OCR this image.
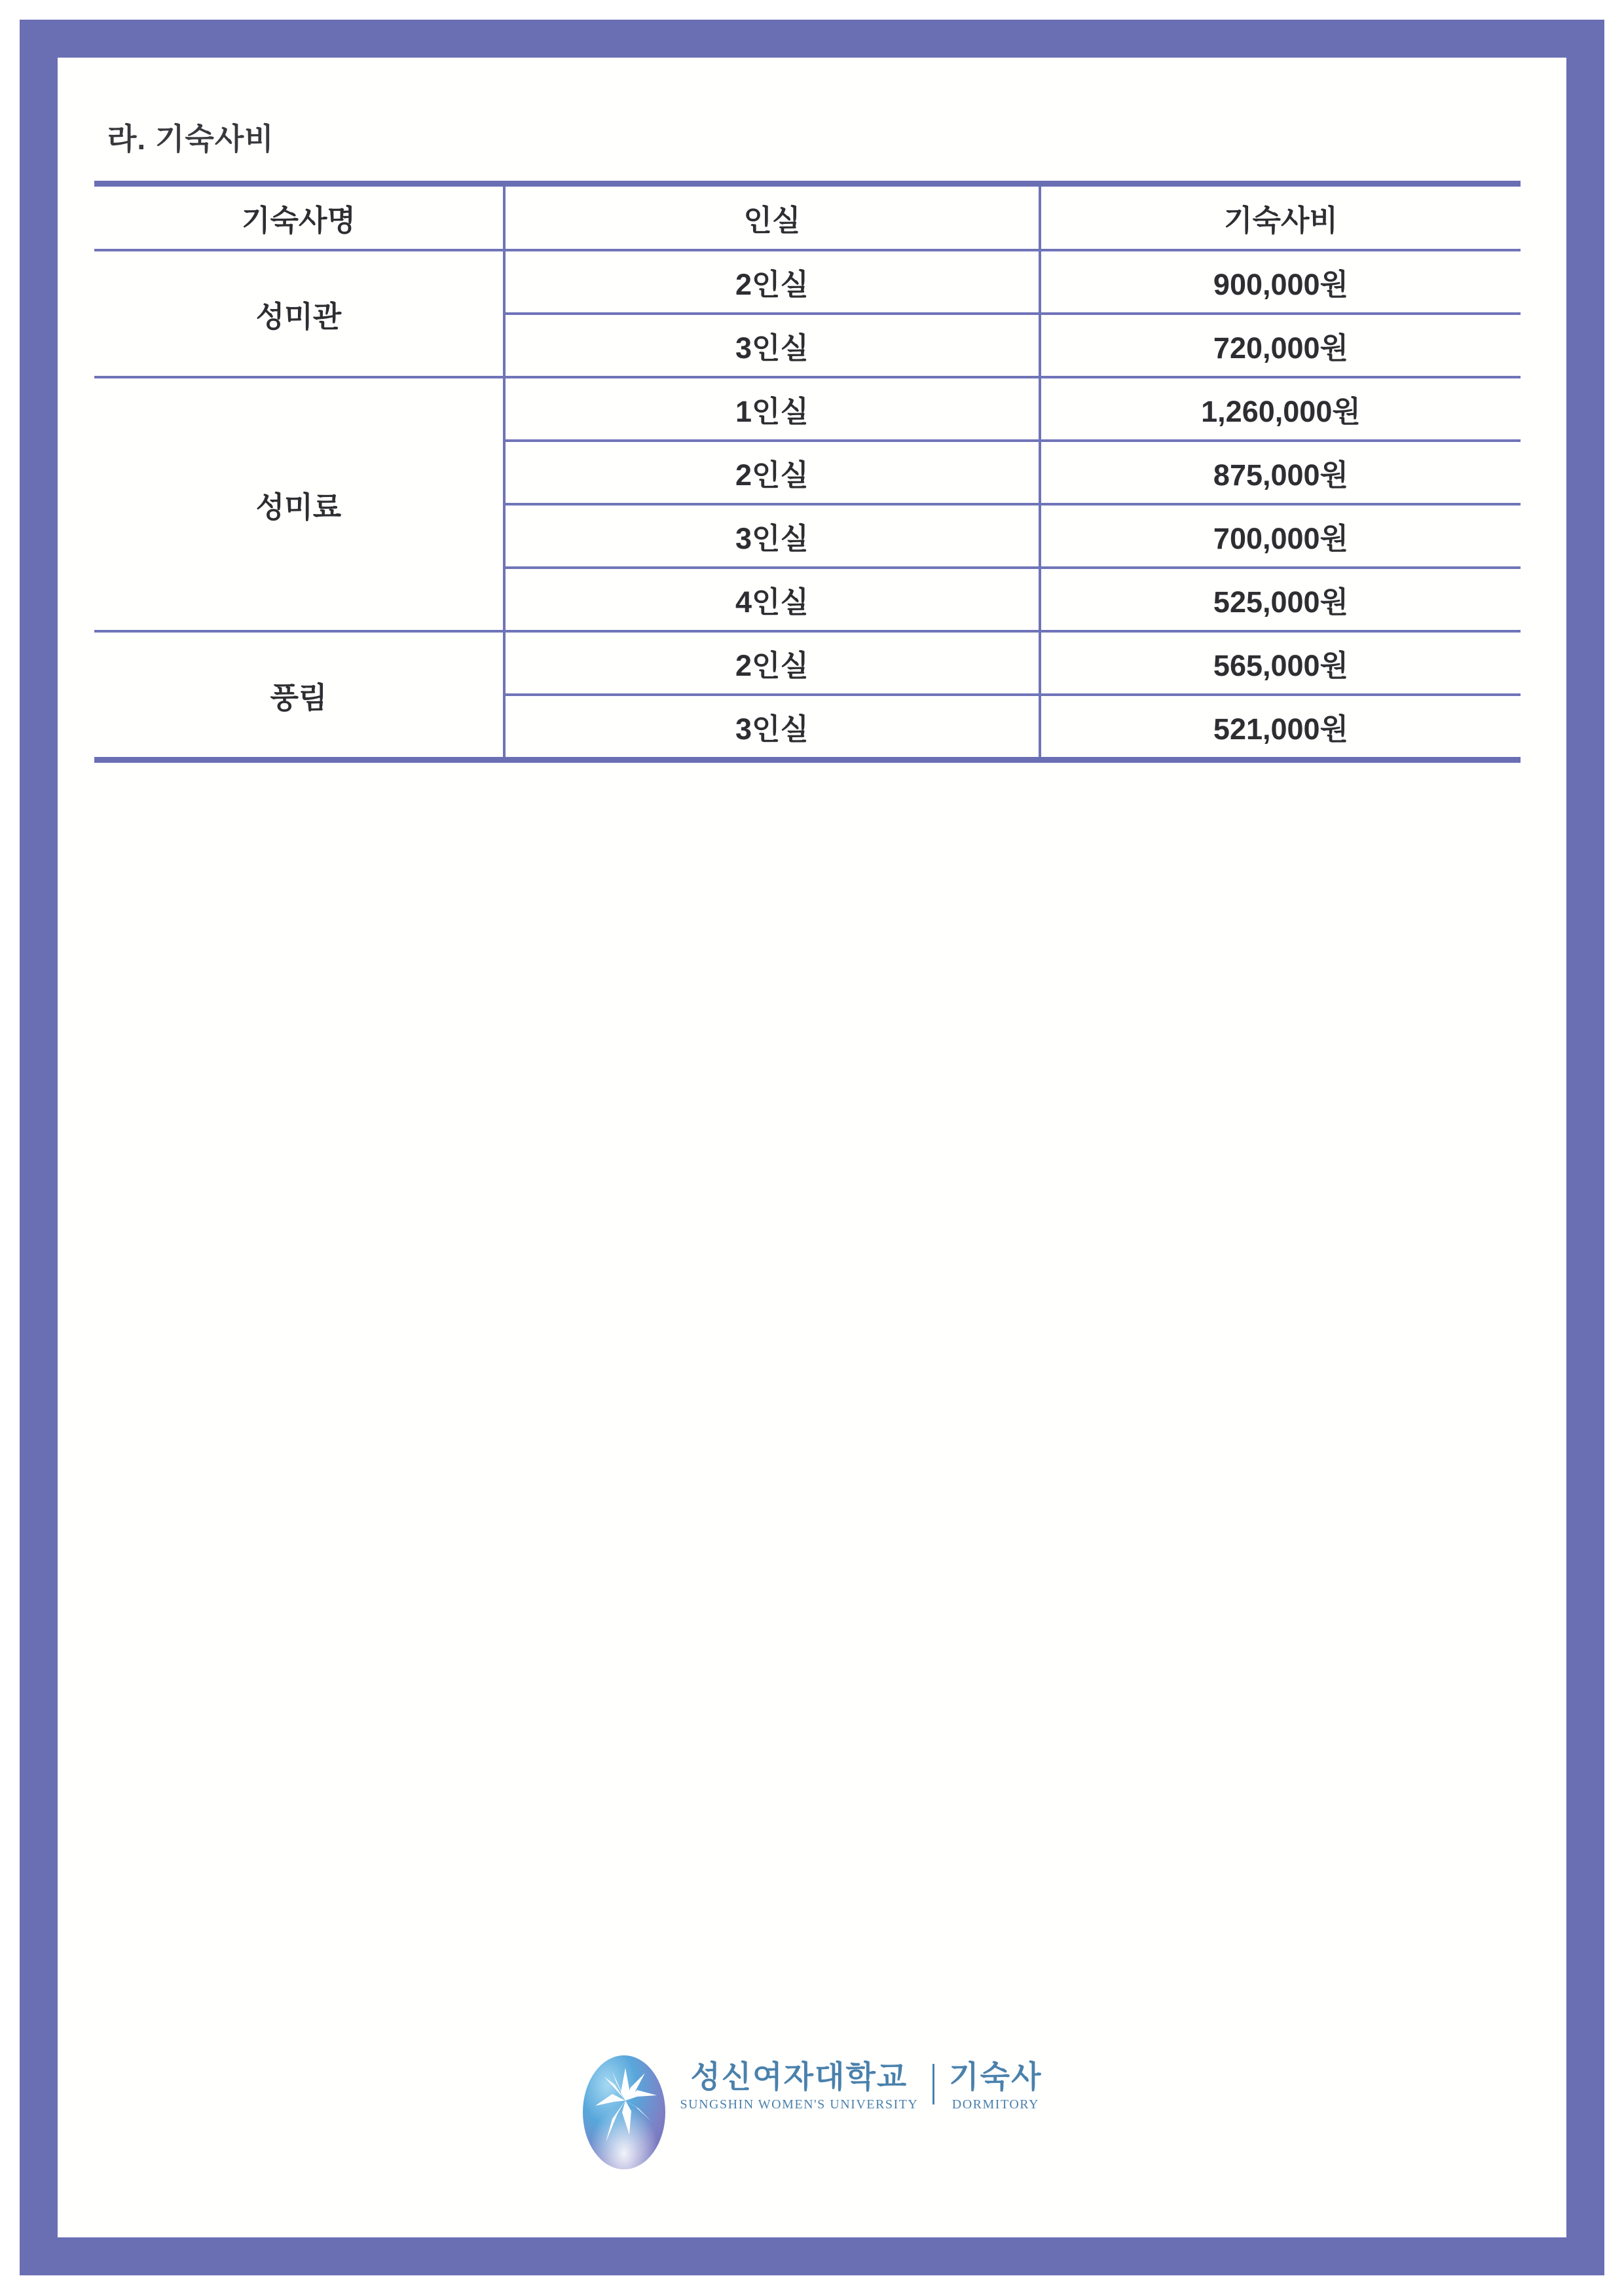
라. 기숙사비
기숙사명	인실	기숙사비
성미관	2인실	900,000원
	3인실	720,000원
성미료	1인실	1,260,000원
	2인실	875,000원
	3인실	700,000원
	4인실	525,000원
풍림	2인실	565,000원
	3인실	521,000원
성신여자대학교
SUNGSHIN WOMEN'S UNIVERSITY
기숙사
DORMITORY
